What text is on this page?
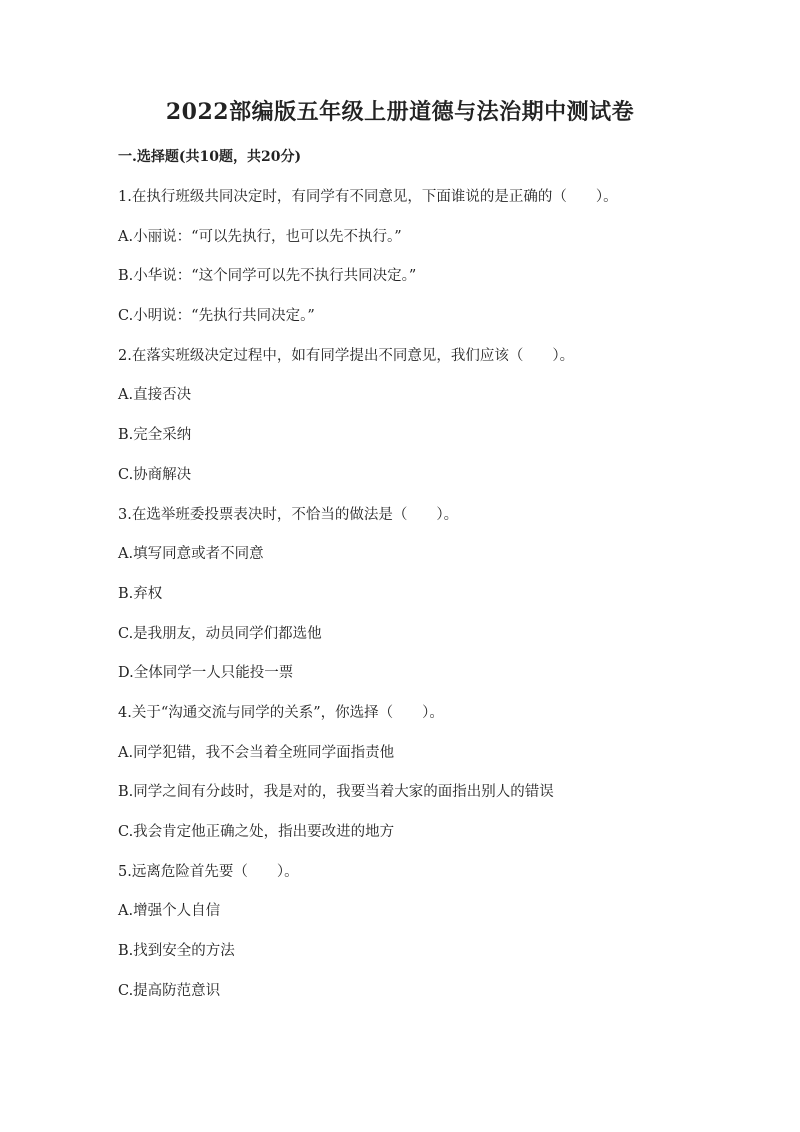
2022部编版五年级上册道德与法治期中测试卷
一.选择题(共10题，共20分)
1.在执行班级共同决定时，有同学有不同意见，下面谁说的是正确的（　　）。
A.小丽说：“可以先执行，也可以先不执行。”
B.小华说：“这个同学可以先不执行共同决定。”
C.小明说：“先执行共同决定。”
2.在落实班级决定过程中，如有同学提出不同意见，我们应该（　　）。
A.直接否决
B.完全采纳
C.协商解决
3.在选举班委投票表决时，不恰当的做法是（　　）。
A.填写同意或者不同意
B.弃权
C.是我朋友，动员同学们都选他
D.全体同学一人只能投一票
4.关于“沟通交流与同学的关系”，你选择（　　）。
A.同学犯错，我不会当着全班同学面指责他
B.同学之间有分歧时，我是对的，我要当着大家的面指出别人的错误
C.我会肯定他正确之处，指出要改进的地方
5.远离危险首先要（　　）。
A.增强个人自信
B.找到安全的方法
C.提高防范意识
